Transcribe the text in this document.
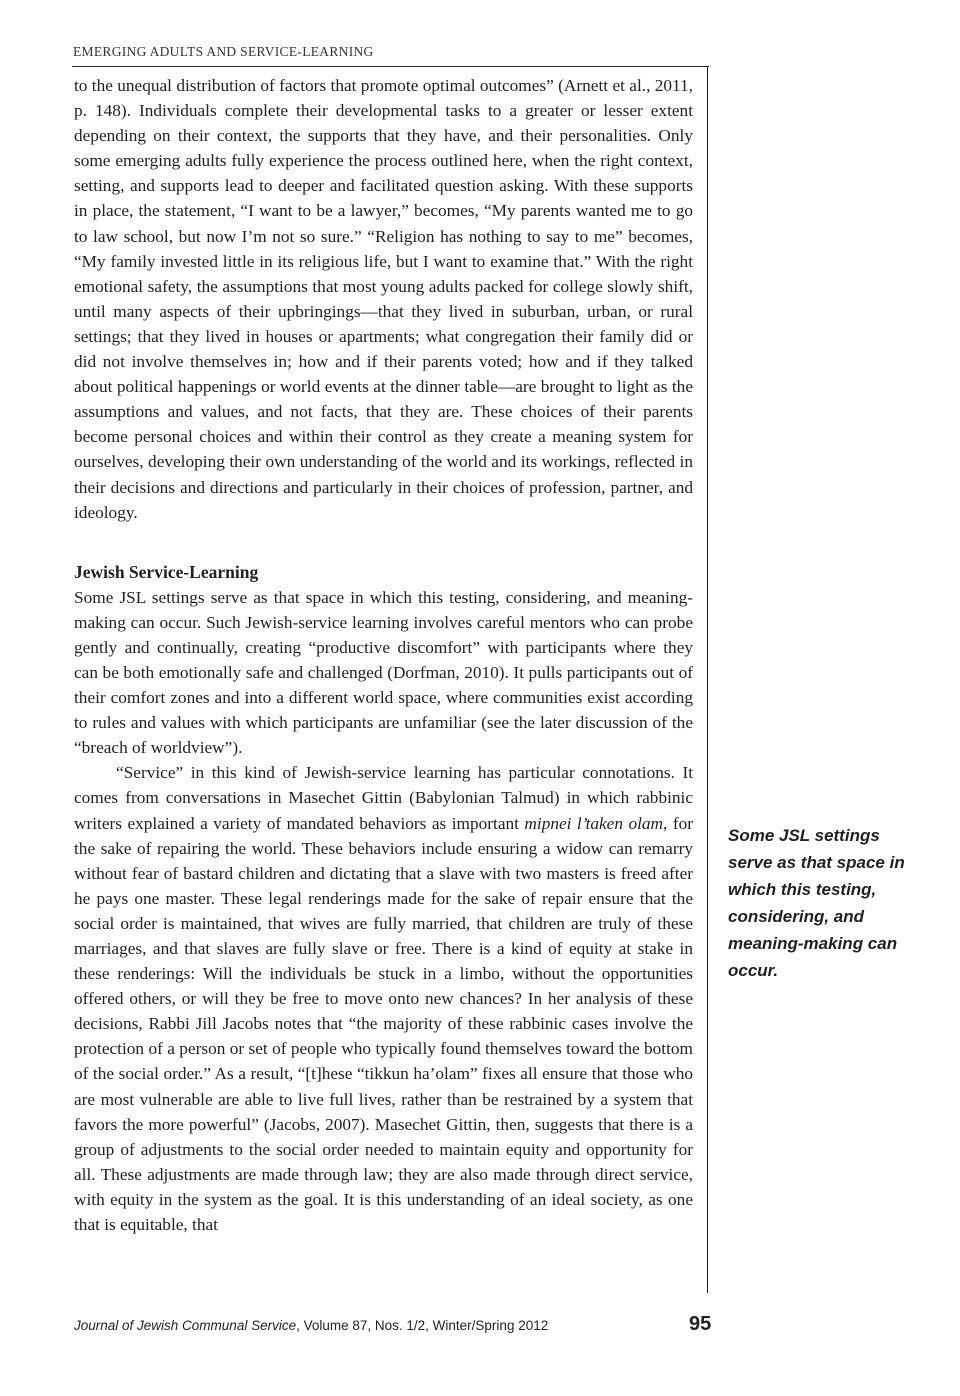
EMERGING ADULTS AND SERVICE-LEARNING

to the unequal distribution of factors that promote optimal outcomes” (Arnett et al., 2011, p. 148). Individuals complete their developmental tasks to a greater or lesser extent depending on their context, the supports that they have, and their personalities. Only some emerging adults fully experience the process outlined here, when the right context, setting, and supports lead to deeper and facilitated question asking. With these supports in place, the statement, “I want to be a lawyer,” becomes, “My parents wanted me to go to law school, but now I’m not so sure.” “Religion has nothing to say to me” becomes, “My family invested little in its religious life, but I want to examine that.” With the right emotional safety, the assumptions that most young adults packed for college slowly shift, until many aspects of their upbringings—that they lived in suburban, urban, or rural settings; that they lived in houses or apartments; what congregation their family did or did not involve themselves in; how and if their parents voted; how and if they talked about political happenings or world events at the dinner table—are brought to light as the assumptions and values, and not facts, that they are. These choices of their parents become personal choices and within their control as they create a meaning system for ourselves, developing their own understanding of the world and its workings, reflected in their decisions and directions and particularly in their choices of profession, partner, and ideology.

Jewish Service-Learning

Some JSL settings serve as that space in which this testing, considering, and meaning-making can occur. Such Jewish-service learning involves careful mentors who can probe gently and continually, creating “productive discomfort” with participants where they can be both emotionally safe and challenged (Dorfman, 2010). It pulls participants out of their comfort zones and into a different world space, where communities exist according to rules and values with which participants are unfamiliar (see the later discussion of the “breach of worldview”).

“Service” in this kind of Jewish-service learning has particular connotations. It comes from conversations in Masechet Gittin (Babylonian Talmud) in which rabbinic writers explained a variety of mandated behaviors as important mipnei l’taken olam, for the sake of repairing the world. These behaviors include ensuring a widow can remarry without fear of bastard children and dictating that a slave with two masters is freed after he pays one master. These legal renderings made for the sake of repair ensure that the social order is maintained, that wives are fully married, that children are truly of these marriages, and that slaves are fully slave or free. There is a kind of equity at stake in these renderings: Will the individuals be stuck in a limbo, without the opportunities offered others, or will they be free to move onto new chances? In her analysis of these decisions, Rabbi Jill Jacobs notes that “the majority of these rabbinic cases involve the protection of a person or set of people who typically found themselves toward the bottom of the social order.” As a result, “[t]hese “tikkun ha’olam” fixes all ensure that those who are most vulnerable are able to live full lives, rather than be restrained by a system that favors the more powerful” (Jacobs, 2007). Masechet Gittin, then, suggests that there is a group of adjustments to the social order needed to maintain equity and opportunity for all. These adjustments are made through law; they are also made through direct service, with equity in the system as the goal. It is this understanding of an ideal society, as one that is equitable, that

Some JSL settings serve as that space in which this testing, considering, and meaning-making can occur.
Journal of Jewish Communal Service, Volume 87, Nos. 1/2, Winter/Spring 2012	95
